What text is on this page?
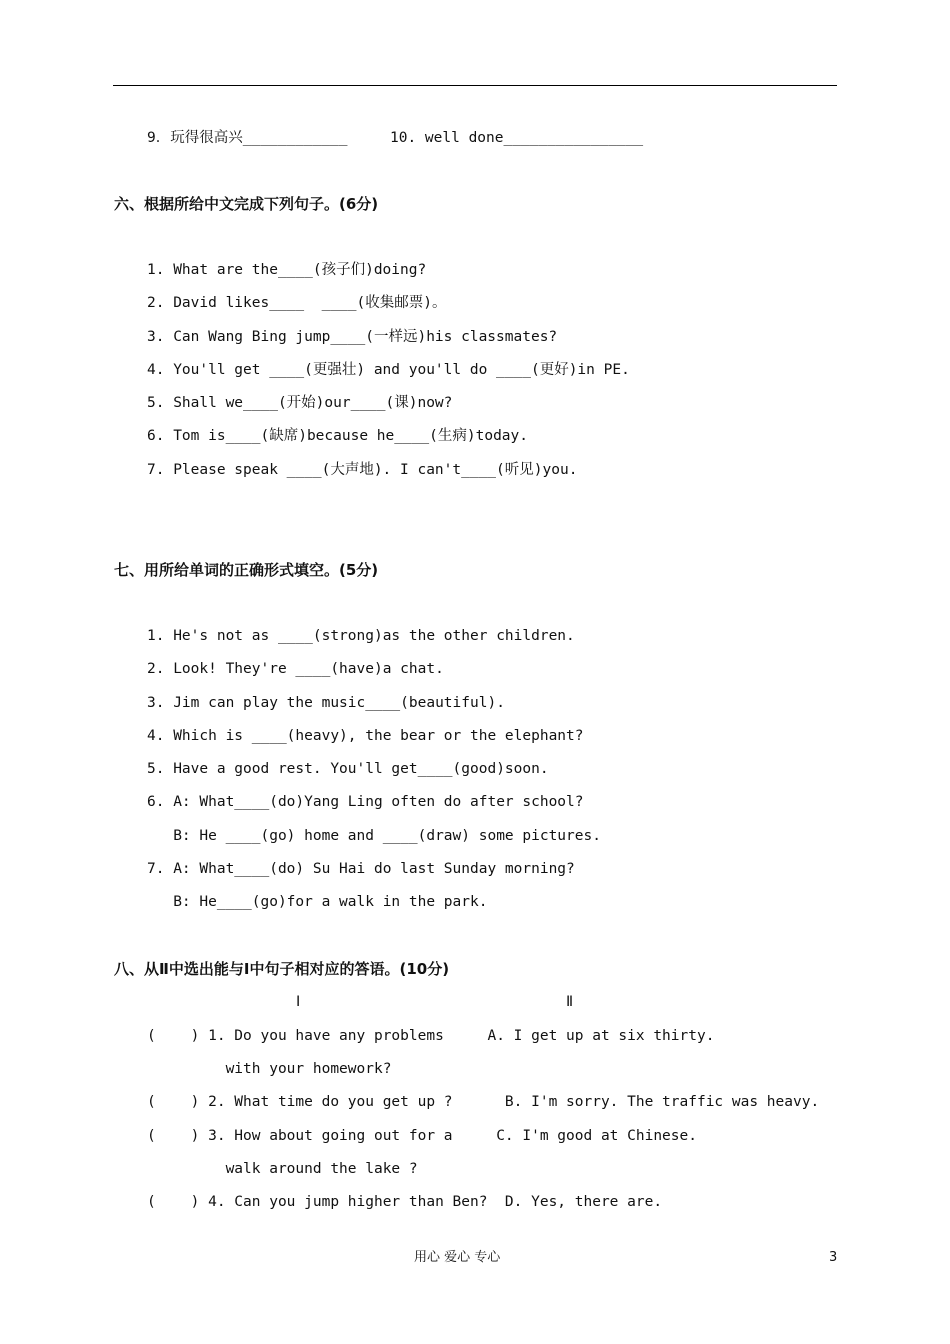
9．玩得很高兴____________	10. well done________________
六、根据所给中文完成下列句子。(6分)
1. What are the____(孩子们)doing?
2. David likes____  ____(收集邮票)。
3. Can Wang Bing jump____(一样远)his classmates?
4. You'll get ____(更强壮) and you'll do ____(更好)in PE.
5. Shall we____(开始)our____(课)now?
6. Tom is____(缺席)because he____(生病)today.
7. Please speak ____(大声地). I can't____(听见)you.
七、用所给单词的正确形式填空。(5分)
1. He's not as ____(strong)as the other children.
2. Look! They're ____(have)a chat.
3. Jim can play the music____(beautiful).
4. Which is ____(heavy), the bear or the elephant?
5. Have a good rest. You'll get____(good)soon.
6. A: What____(do)Yang Ling often do after school?
B: He ____(go) home and ____(draw) some pictures.
7. A: What____(do) Su Hai do last Sunday morning?
B: He____(go)for a walk in the park.
八、从Ⅱ中选出能与Ⅰ中句子相对应的答语。(10分)
Ⅰ	Ⅱ
(    ) 1. Do you have any problems     A. I get up at six thirty.
with your homework?
(    ) 2. What time do you get up ?      B. I'm sorry. The traffic was heavy.
(    ) 3. How about going out for a     C. I'm good at Chinese.
walk around the lake ?
(    ) 4. Can you jump higher than Ben?  D. Yes, there are.
用心 爱心 专心	3
